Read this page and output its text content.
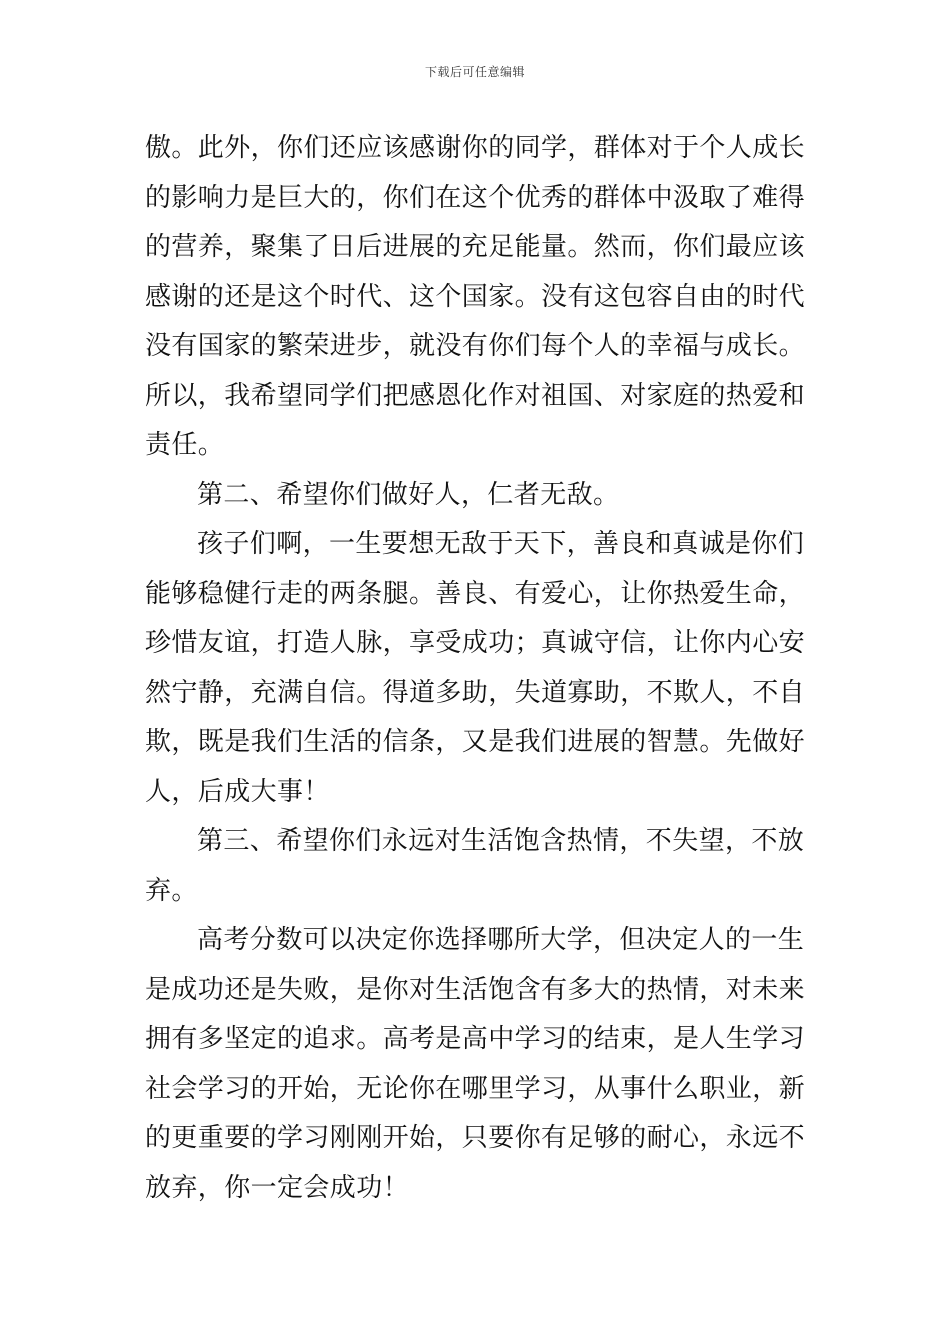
下载后可任意编辑
傲。此外，你们还应该感谢你的同学，群体对于个人成长
的影响力是巨大的，你们在这个优秀的群体中汲取了难得
的营养，聚集了日后进展的充足能量。然而，你们最应该
感谢的还是这个时代、这个国家。没有这包容自由的时代
没有国家的繁荣进步，就没有你们每个人的幸福与成长。
所以，我希望同学们把感恩化作对祖国、对家庭的热爱和
责任。
第二、希望你们做好人，仁者无敌。
孩子们啊，一生要想无敌于天下，善良和真诚是你们
能够稳健行走的两条腿。善良、有爱心，让你热爱生命，
珍惜友谊，打造人脉，享受成功；真诚守信，让你内心安
然宁静，充满自信。得道多助，失道寡助，不欺人，不自
欺，既是我们生活的信条，又是我们进展的智慧。先做好
人，后成大事！
第三、希望你们永远对生活饱含热情，不失望，不放
弃。
高考分数可以决定你选择哪所大学，但决定人的一生
是成功还是失败，是你对生活饱含有多大的热情，对未来
拥有多坚定的追求。高考是高中学习的结束，是人生学习
社会学习的开始，无论你在哪里学习，从事什么职业，新
的更重要的学习刚刚开始，只要你有足够的耐心，永远不
放弃，你一定会成功！
